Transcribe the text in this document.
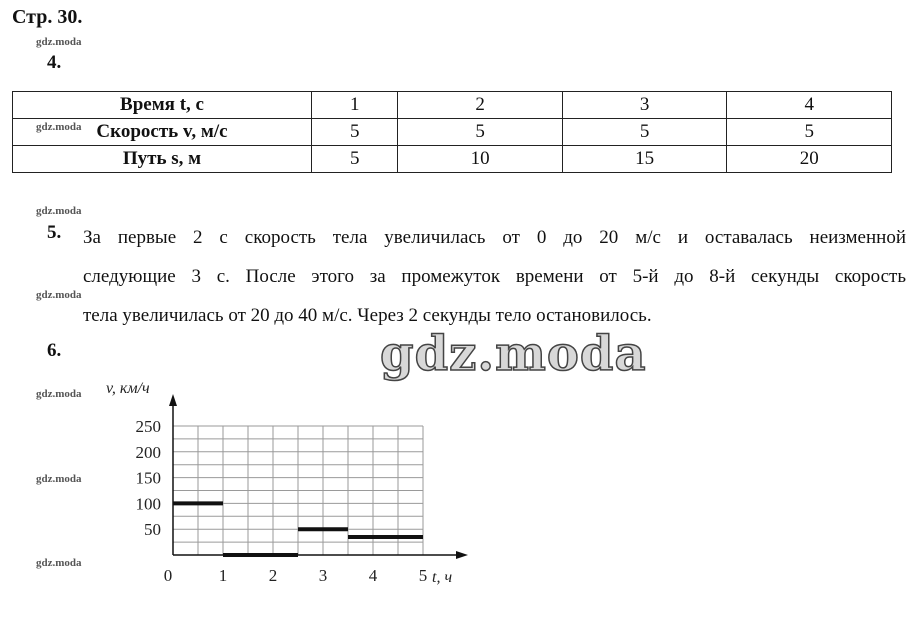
Стр. 30.
gdz.moda
gdz.moda
gdz.moda
gdz.moda
gdz.moda
gdz.moda
gdz.moda
4.
Время t, с	1	2	3	4
Скорость v, м/с	5	5	5	5
Путь s, м	5	10	15	20
5. За первые 2 с скорость тела увеличилась от 0 до 20 м/с и оставалась неизменной
следующие 3 с. После этого за промежуток времени от 5-й до 8-й секунды скорость
тела увеличилась от 20 до 40 м/с. Через 2 секунды тело остановилось.
6.	gdz.moda
50
100
150
200
250
0	1 2 3 4 5
v, км/ч
t, ч
